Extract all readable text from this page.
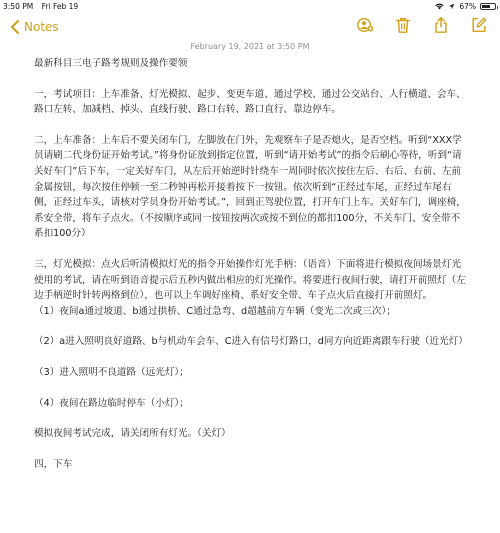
3:50 PM Fri Feb 19	67%
Notes
February 19, 2021 at 3:50 PM

最新科目三电子路考规则及操作要领

一，考试项目：上车准备、灯光模拟、起步、变更车道、通过学校、通过公交站台、人行横道、会车、路口左转、加减档、掉头、直线行驶、路口右转、路口直行、靠边停车。

二，上车准备：上车后不要关闭车门，左脚放在门外，先观察车子是否熄火，是否空档。听到“XXX学员请刷二代身份证开始考试。”将身份证放到指定位置，听到“请开始考试”的指令后刷心等待，听到“请关好车门”后下车，一定关好车门，从左后开始逆时针绕车一周同时依次按住左后、右后、右前、左前金属按钮，每次按住停顿一至二秒钟再松开接着按下一按钮。依次听到“正经过车尾，正经过车尾右侧，正经过车头，请核对学员身份开始考试。”，回到正驾驶位置，打开车门上车。关好车门，调座椅，系安全带，将车子点火。（不按顺序或同一按钮按两次或按不到位的都扣100分，不关车门、安全带不系扣100分）

三，灯光模拟：点火后听清模拟灯光的指令开始操作灯光手柄：（语音）下面将进行模拟夜间场景灯光使用的考试，请在听到语音提示后五秒内做出相应的灯光操作。将要进行夜间行驶，请打开前照灯（左边手柄逆时针转两格到位），也可以上车调好座椅、系好安全带、车子点火后直接打开前照灯。
（1）夜间a通过坡道、b通过拱桥、C通过急弯、d超越前方车辆（变光二次或三次）；

（2）a进入照明良好道路、b与机动车会车、C进入有信号灯路口，d同方向近距离跟车行驶（近光灯）

（3）进入照明不良道路（远光灯）；

（4）夜间在路边临时停车（小灯）；

模拟夜间考试完成，请关闭所有灯光。（关灯）

四，下车
